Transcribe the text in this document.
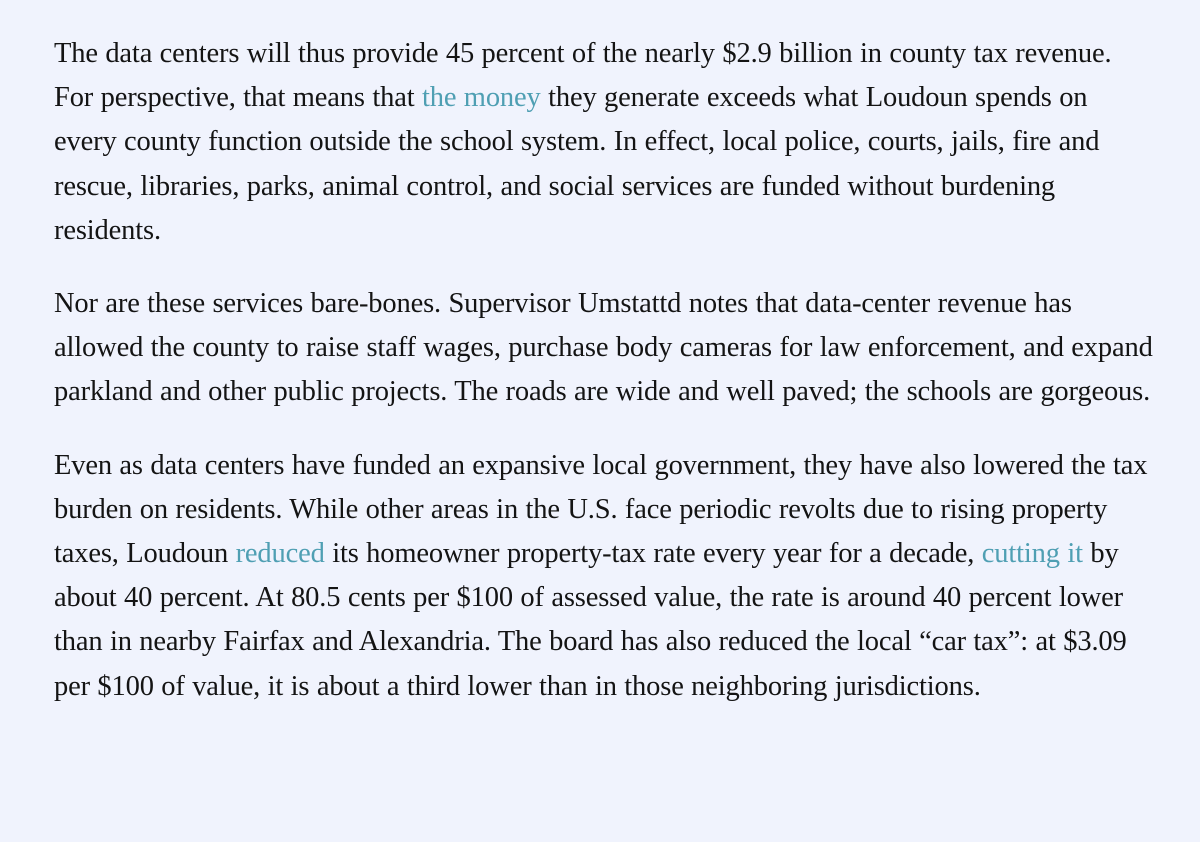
The data centers will thus provide 45 percent of the nearly $2.9 billion in county tax revenue. For perspective, that means that the money they generate exceeds what Loudoun spends on every county function outside the school system. In effect, local police, courts, jails, fire and rescue, libraries, parks, animal control, and social services are funded without burdening residents.

Nor are these services bare-bones. Supervisor Umstattd notes that data-center revenue has allowed the county to raise staff wages, purchase body cameras for law enforcement, and expand parkland and other public projects. The roads are wide and well paved; the schools are gorgeous.

Even as data centers have funded an expansive local government, they have also lowered the tax burden on residents. While other areas in the U.S. face periodic revolts due to rising property taxes, Loudoun reduced its homeowner property-tax rate every year for a decade, cutting it by about 40 percent. At 80.5 cents per $100 of assessed value, the rate is around 40 percent lower than in nearby Fairfax and Alexandria. The board has also reduced the local “car tax”: at $3.09 per $100 of value, it is about a third lower than in those neighboring jurisdictions.
